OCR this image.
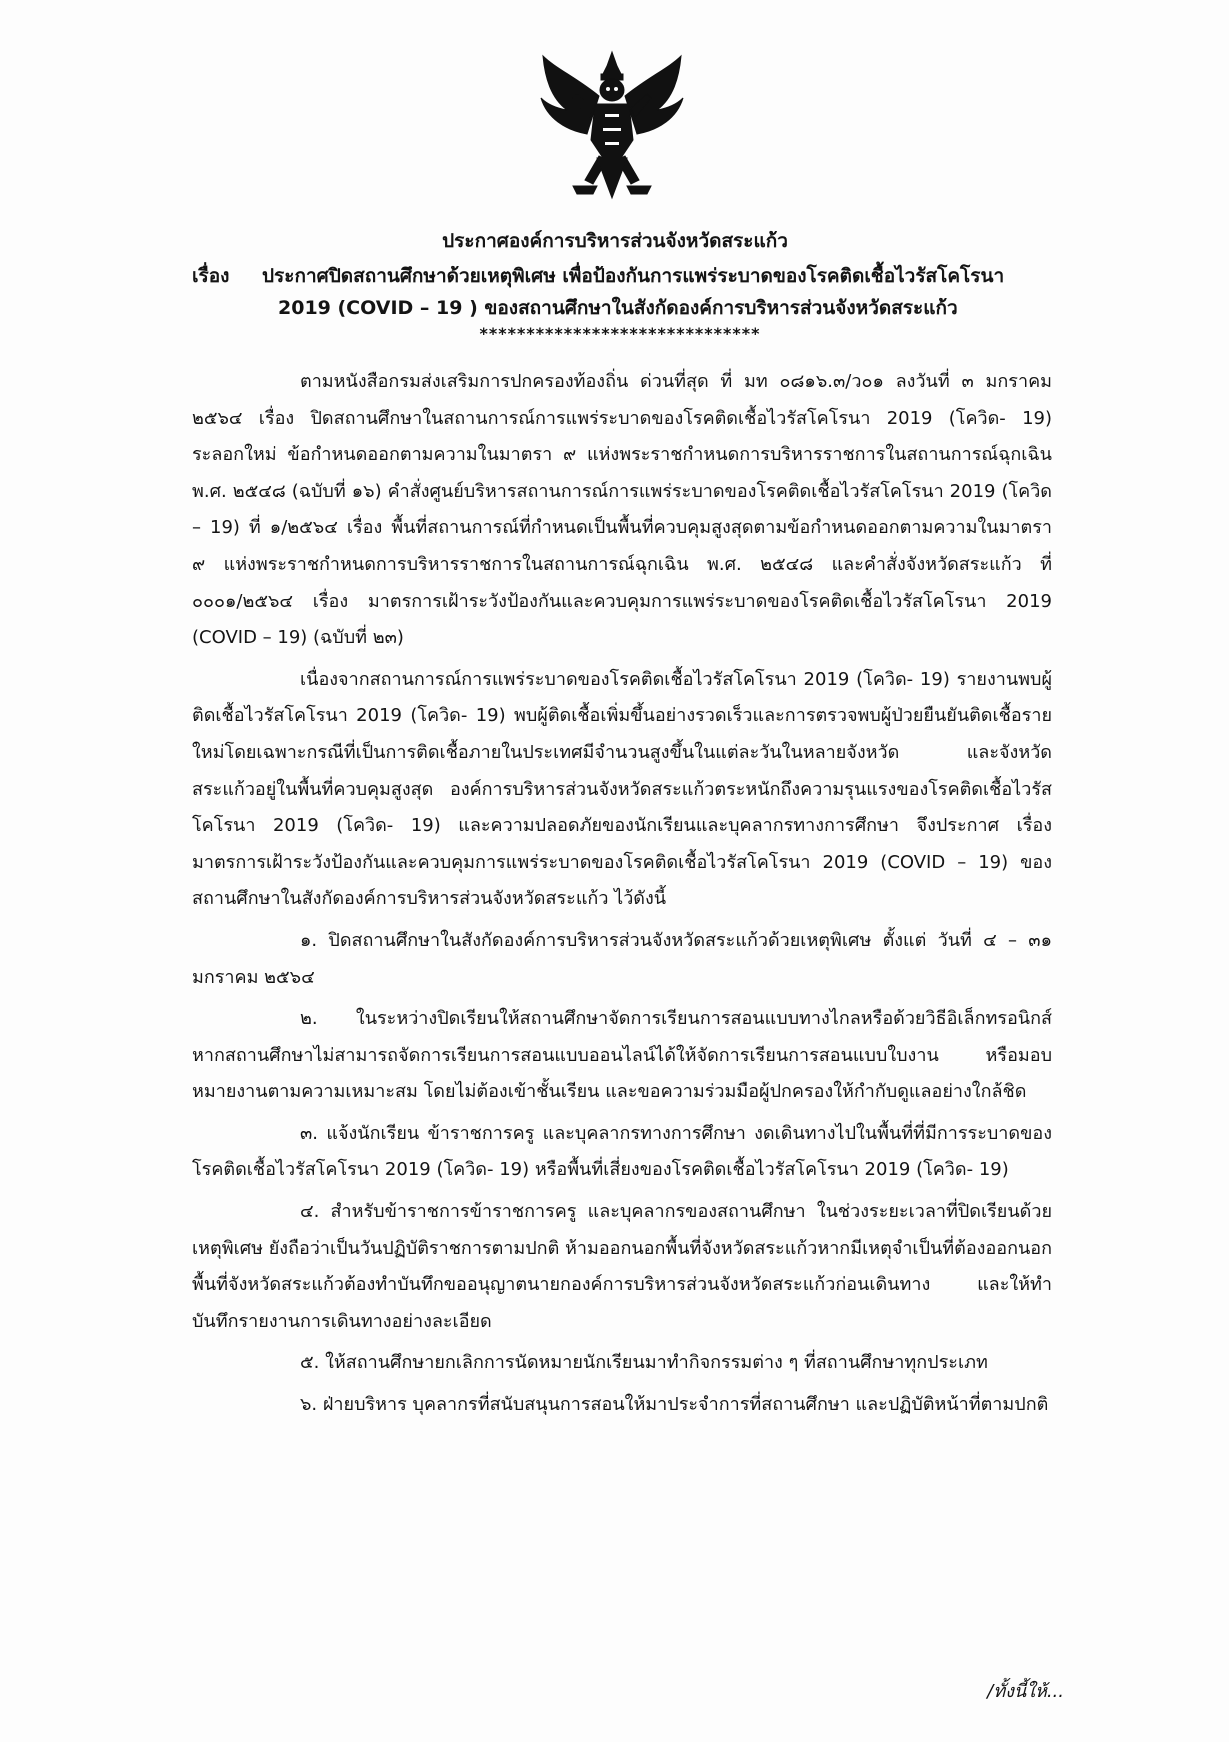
ประกาศองค์การบริหารส่วนจังหวัดสระแก้ว
เรื่อง ประกาศปิดสถานศึกษาด้วยเหตุพิเศษ เพื่อป้องกันการแพร่ระบาดของโรคติดเชื้อไวรัสโคโรนา
2019 (COVID – 19 ) ของสถานศึกษาในสังกัดองค์การบริหารส่วนจังหวัดสระแก้ว
******************************

ตามหนังสือกรมส่งเสริมการปกครองท้องถิ่น ด่วนที่สุด ที่ มท ๐๘๑๖.๓/ว๐๑ ลงวันที่ ๓ มกราคม ๒๕๖๔ เรื่อง ปิดสถานศึกษาในสถานการณ์การแพร่ระบาดของโรคติดเชื้อไวรัสโคโรนา 2019 (โควิด- 19) ระลอกใหม่ ข้อกำหนดออกตามความในมาตรา ๙ แห่งพระราชกำหนดการบริหารราชการในสถานการณ์ฉุกเฉิน พ.ศ. ๒๕๔๘ (ฉบับที่ ๑๖) คำสั่งศูนย์บริหารสถานการณ์การแพร่ระบาดของโรคติดเชื้อไวรัสโคโรนา 2019 (โควิด – 19) ที่ ๑/๒๕๖๔ เรื่อง พื้นที่สถานการณ์ที่กำหนดเป็นพื้นที่ควบคุมสูงสุดตามข้อกำหนดออกตามความในมาตรา ๙ แห่งพระราชกำหนดการบริหารราชการในสถานการณ์ฉุกเฉิน พ.ศ. ๒๕๔๘ และคำสั่งจังหวัดสระแก้ว ที่ ๐๐๐๑/๒๕๖๔ เรื่อง มาตรการเฝ้าระวังป้องกันและควบคุมการแพร่ระบาดของโรคติดเชื้อไวรัสโคโรนา 2019 (COVID – 19) (ฉบับที่ ๒๓)

เนื่องจากสถานการณ์การแพร่ระบาดของโรคติดเชื้อไวรัสโคโรนา 2019 (โควิด- 19) รายงานพบผู้ติดเชื้อไวรัสโคโรนา 2019 (โควิด- 19) พบผู้ติดเชื้อเพิ่มขึ้นอย่างรวดเร็วและการตรวจพบผู้ป่วยยืนยันติดเชื้อรายใหม่โดยเฉพาะกรณีที่เป็นการติดเชื้อภายในประเทศมีจำนวนสูงขึ้นในแต่ละวันในหลายจังหวัด และจังหวัดสระแก้วอยู่ในพื้นที่ควบคุมสูงสุด องค์การบริหารส่วนจังหวัดสระแก้วตระหนักถึงความรุนแรงของโรคติดเชื้อไวรัสโคโรนา 2019 (โควิด- 19) และความปลอดภัยของนักเรียนและบุคลากรทางการศึกษา จึงประกาศ เรื่อง มาตรการเฝ้าระวังป้องกันและควบคุมการแพร่ระบาดของโรคติดเชื้อไวรัสโคโรนา 2019 (COVID – 19) ของสถานศึกษาในสังกัดองค์การบริหารส่วนจังหวัดสระแก้ว ไว้ดังนี้

๑. ปิดสถานศึกษาในสังกัดองค์การบริหารส่วนจังหวัดสระแก้วด้วยเหตุพิเศษ ตั้งแต่ วันที่ ๔ – ๓๑ มกราคม ๒๕๖๔

๒. ในระหว่างปิดเรียนให้สถานศึกษาจัดการเรียนการสอนแบบทางไกลหรือด้วยวิธีอิเล็กทรอนิกส์ หากสถานศึกษาไม่สามารถจัดการเรียนการสอนแบบออนไลน์ได้ให้จัดการเรียนการสอนแบบใบงาน หรือมอบหมายงานตามความเหมาะสม โดยไม่ต้องเข้าชั้นเรียน และขอความร่วมมือผู้ปกครองให้กำกับดูแลอย่างใกล้ชิด

๓. แจ้งนักเรียน ข้าราชการครู และบุคลากรทางการศึกษา งดเดินทางไปในพื้นที่ที่มีการระบาดของโรคติดเชื้อไวรัสโคโรนา 2019 (โควิด- 19) หรือพื้นที่เสี่ยงของโรคติดเชื้อไวรัสโคโรนา 2019 (โควิด- 19)

๔. สำหรับข้าราชการข้าราชการครู และบุคลากรของสถานศึกษา ในช่วงระยะเวลาที่ปิดเรียนด้วยเหตุพิเศษ ยังถือว่าเป็นวันปฏิบัติราชการตามปกติ ห้ามออกนอกพื้นที่จังหวัดสระแก้วหากมีเหตุจำเป็นที่ต้องออกนอกพื้นที่จังหวัดสระแก้วต้องทำบันทึกขออนุญาตนายกองค์การบริหารส่วนจังหวัดสระแก้วก่อนเดินทาง และให้ทำบันทึกรายงานการเดินทางอย่างละเอียด

๕. ให้สถานศึกษายกเลิกการนัดหมายนักเรียนมาทำกิจกรรมต่าง ๆ ที่สถานศึกษาทุกประเภท

๖. ฝ่ายบริหาร บุคลากรที่สนับสนุนการสอนให้มาประจำการที่สถานศึกษา และปฏิบัติหน้าที่ตามปกติ

/ทั้งนี้ให้...
